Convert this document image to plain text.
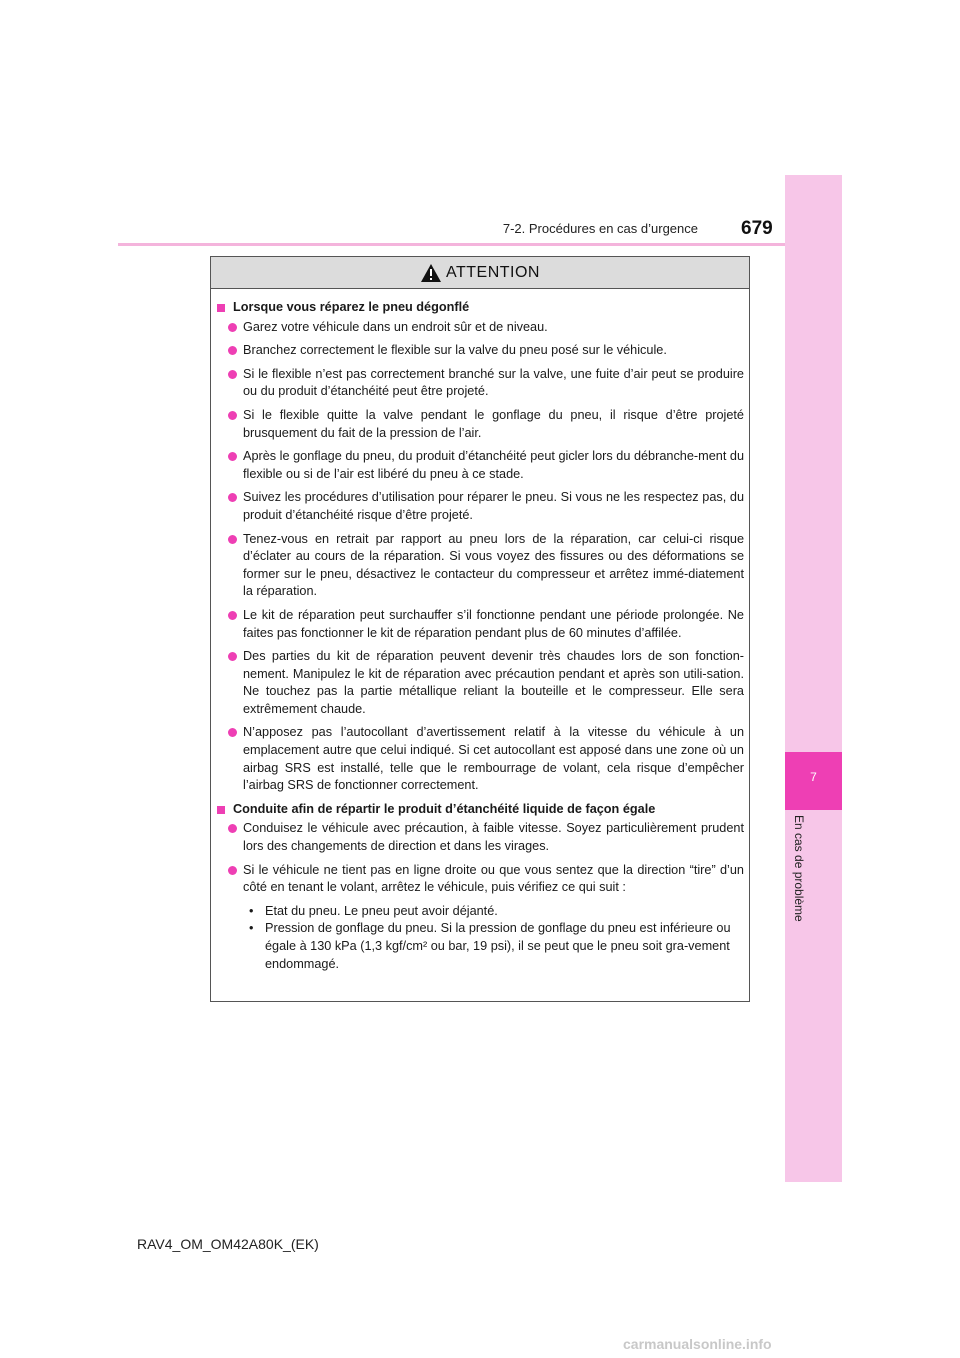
7-2. Procédures en cas d’urgence 679
7
En cas de problème
ATTENTION
Lorsque vous réparez le pneu dégonflé
Garez votre véhicule dans un endroit sûr et de niveau.
Branchez correctement le flexible sur la valve du pneu posé sur le véhicule.
Si le flexible n’est pas correctement branché sur la valve, une fuite d’air peut se produire ou du produit d’étanchéité peut être projeté.
Si le flexible quitte la valve pendant le gonflage du pneu, il risque d’être projeté brusquement du fait de la pression de l’air.
Après le gonflage du pneu, du produit d’étanchéité peut gicler lors du débranche-ment du flexible ou si de l’air est libéré du pneu à ce stade.
Suivez les procédures d’utilisation pour réparer le pneu. Si vous ne les respectez pas, du produit d’étanchéité risque d’être projeté.
Tenez-vous en retrait par rapport au pneu lors de la réparation, car celui-ci risque d’éclater au cours de la réparation. Si vous voyez des fissures ou des déformations se former sur le pneu, désactivez le contacteur du compresseur et arrêtez immé-diatement la réparation.
Le kit de réparation peut surchauffer s’il fonctionne pendant une période prolongée. Ne faites pas fonctionner le kit de réparation pendant plus de 60 minutes d’affilée.
Des parties du kit de réparation peuvent devenir très chaudes lors de son fonction-nement. Manipulez le kit de réparation avec précaution pendant et après son utili-sation. Ne touchez pas la partie métallique reliant la bouteille et le compresseur. Elle sera extrêmement chaude.
N’apposez pas l’autocollant d’avertissement relatif à la vitesse du véhicule à un emplacement autre que celui indiqué. Si cet autocollant est apposé dans une zone où un airbag SRS est installé, telle que le rembourrage de volant, cela risque d’empêcher l’airbag SRS de fonctionner correctement.
Conduite afin de répartir le produit d’étanchéité liquide de façon égale
Conduisez le véhicule avec précaution, à faible vitesse. Soyez particulièrement prudent lors des changements de direction et dans les virages.
Si le véhicule ne tient pas en ligne droite ou que vous sentez que la direction “tire” d’un côté en tenant le volant, arrêtez le véhicule, puis vérifiez ce qui suit :
• Etat du pneu. Le pneu peut avoir déjanté.
• Pression de gonflage du pneu. Si la pression de gonflage du pneu est inférieure ou égale à 130 kPa (1,3 kgf/cm² ou bar, 19 psi), il se peut que le pneu soit gra-vement endommagé.
RAV4_OM_OM42A80K_(EK)
carmanualsonline.info
